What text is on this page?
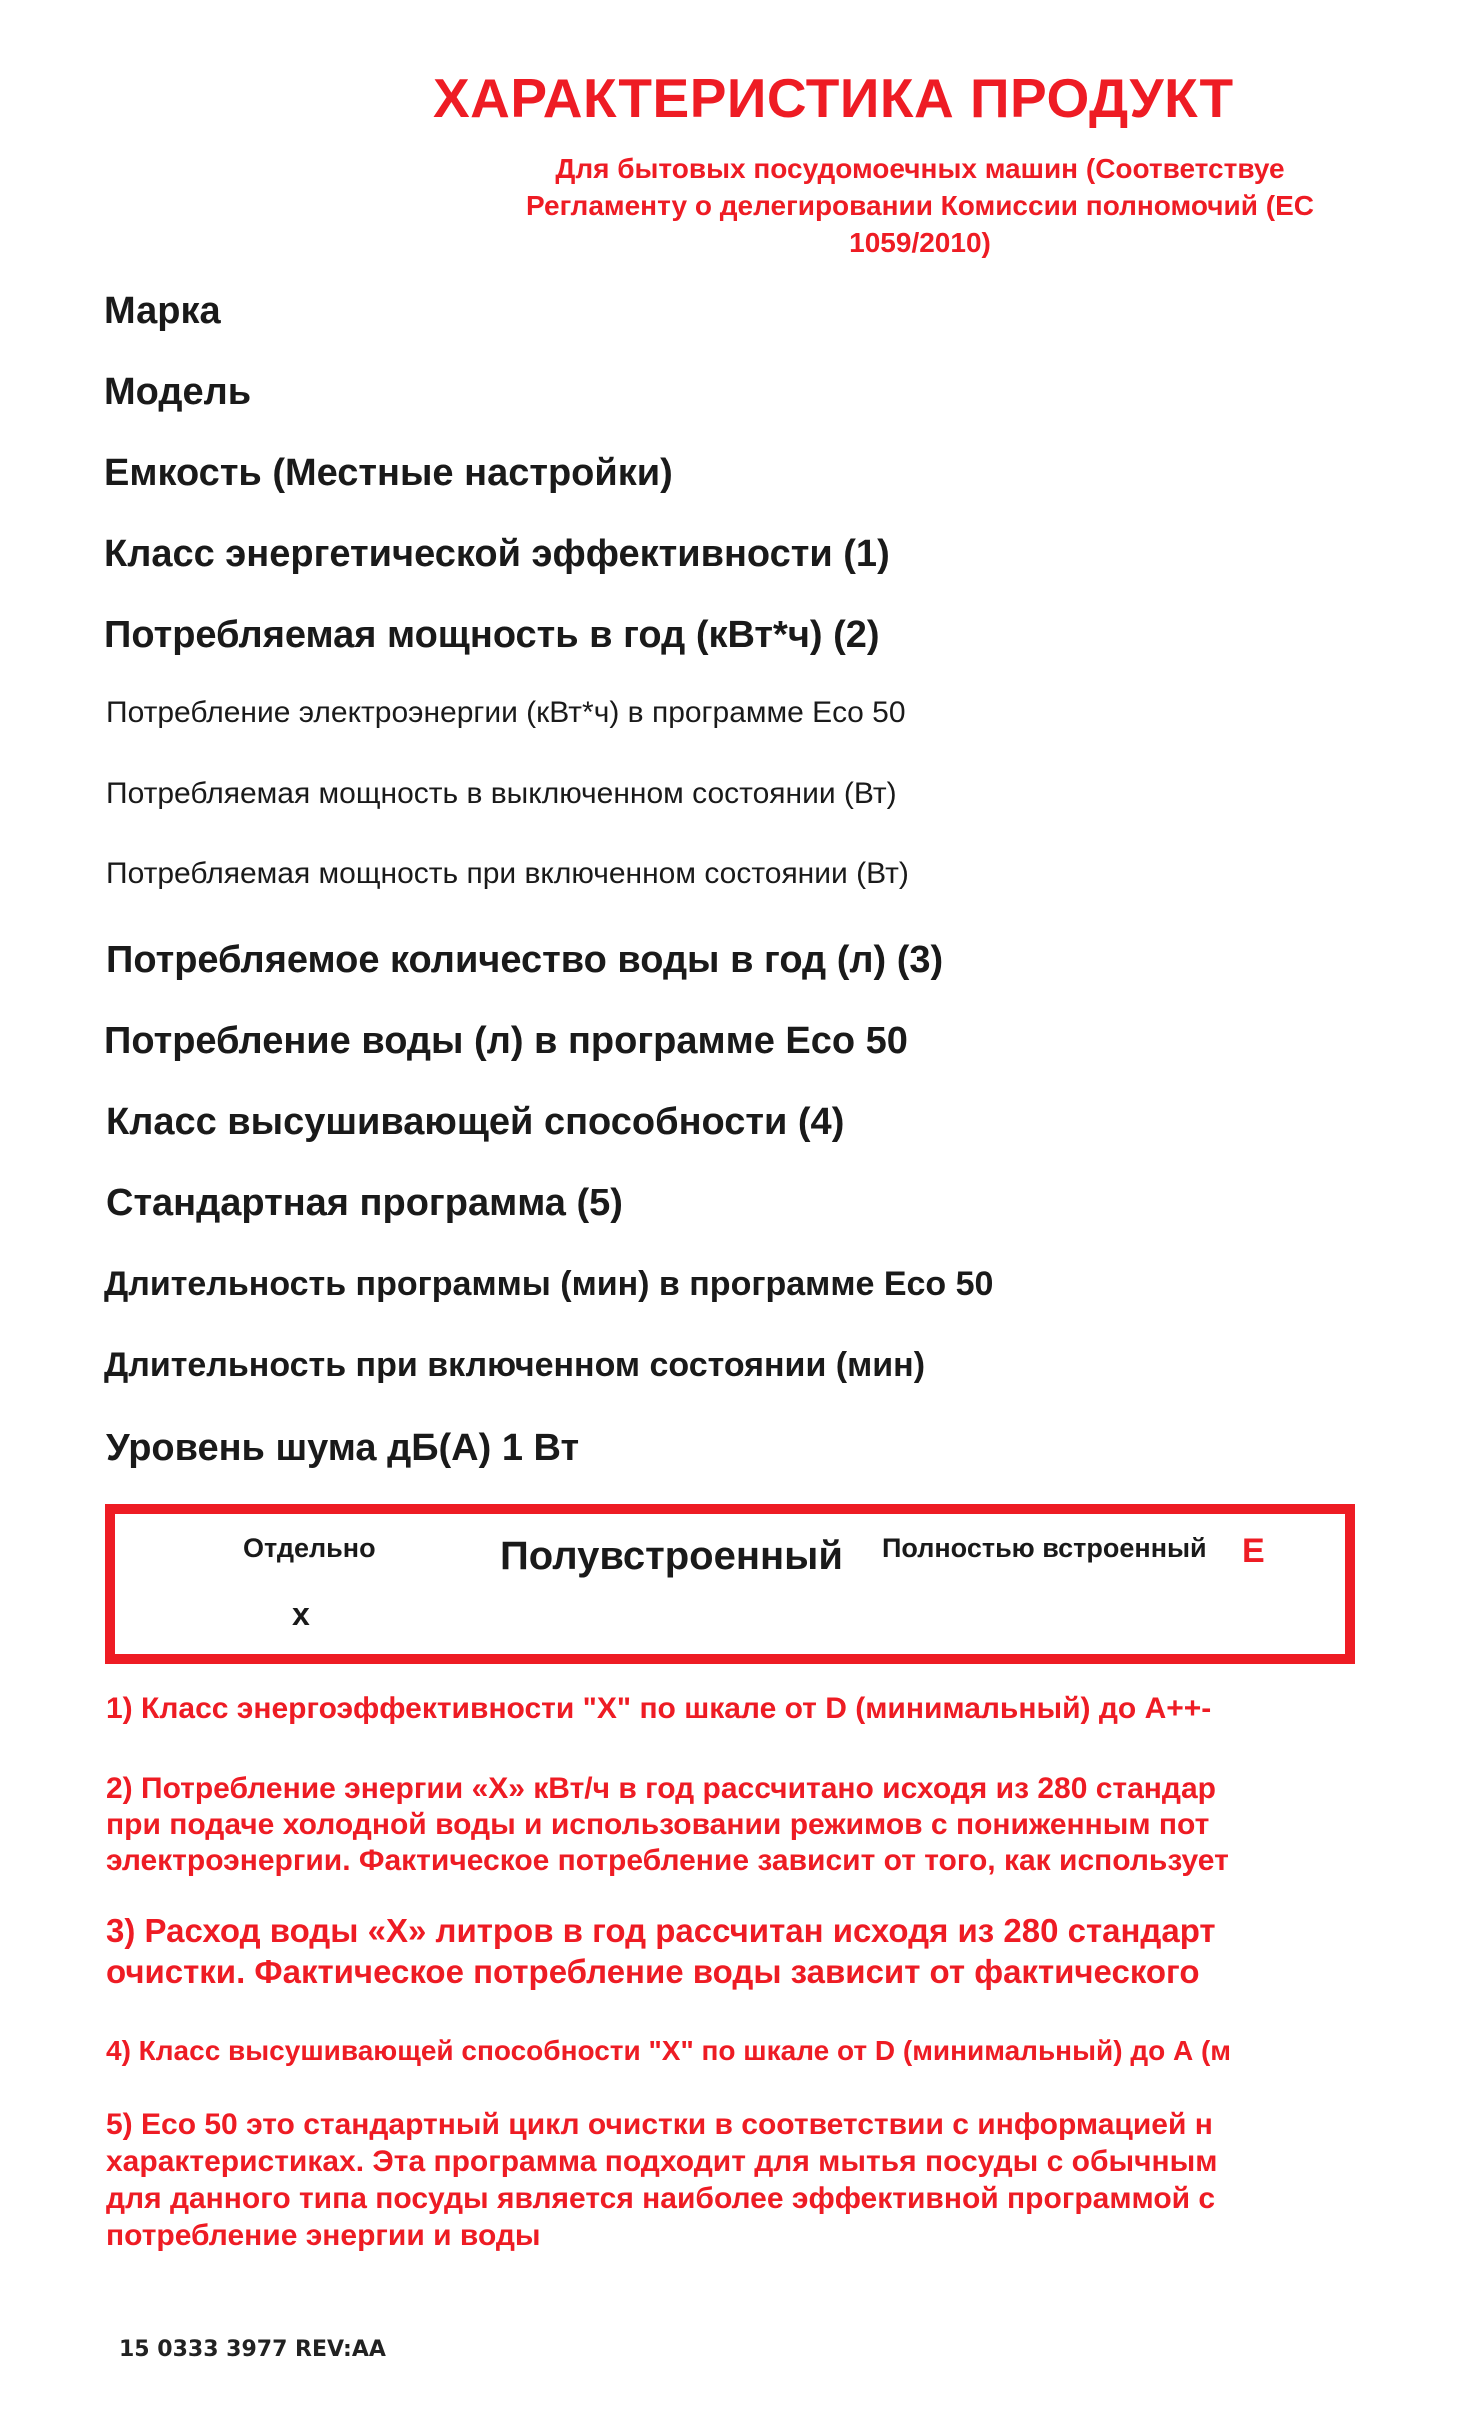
ХАРАКТЕРИСТИКА ПРОДУКТ
Для бытовых посудомоечных машин (Соответствуе
Регламенту о делегировании Комиссии полномочий (ЕС
1059/2010)
Марка
Модель
Емкость (Местные настройки)
Класс энергетической эффективности (1)
Потребляемая мощность в год (кВт*ч) (2)
Потребление электроэнергии (кВт*ч) в программе Eco 50
Потребляемая мощность в выключенном состоянии (Вт)
Потребляемая мощность при включенном состоянии (Вт)
Потребляемое количество воды в год (л) (3)
Потребление воды (л) в программе Eco 50
Класс высушивающей способности (4)
Стандартная программа (5)
Длительность программы (мин) в программе Eco 50
Длительность при включенном состоянии (мин)
Уровень шума дБ(А) 1 Вт
Отдельно
x
Полувстроенный Полностью встроенный Е
1) Класс энергоэффективности "X" по шкале от D (минимальный) до А++-
2) Потребление энергии «X» кВт/ч в год рассчитано исходя из 280 стандар
при подаче холодной воды и использовании режимов с пониженным пот
электроэнергии. Фактическое потребление зависит от того, как использует
3) Расход воды «X» литров в год рассчитан исходя из 280 стандарт
очистки. Фактическое потребление воды зависит от фактического
4) Класс высушивающей способности "X" по шкале от D (минимальный) до А (м
5) Eco 50 это стандартный цикл очистки в соответствии с информацией н
характеристиках. Эта программа подходит для мытья посуды с обычным
для данного типа посуды является наиболее эффективной программой с
потребление энергии и воды
15 0333 3977 REV:AA
